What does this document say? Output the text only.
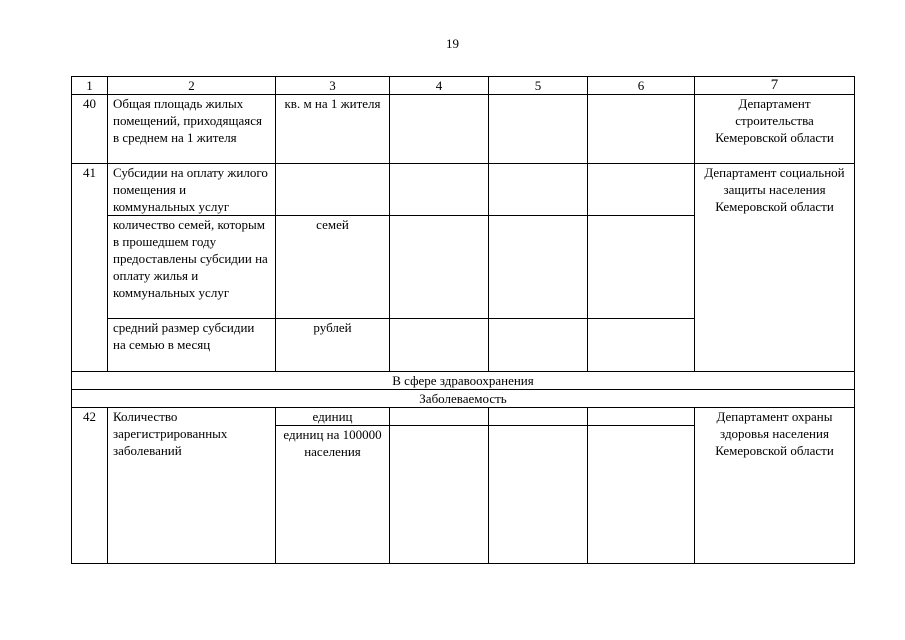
19
1	2	3	4	5	6	7
40	Общая площадь жилых помещений, приходящаяся в среднем на 1 жителя	кв. м на 1 жителя				Департамент строительства Кемеровской области
41	Субсидии на оплату жилого помещения и коммунальных услуг					Департамент социальной защиты населения Кемеровской области
	количество семей, которым в прошедшем году предоставлены субсидии на оплату жилья и коммунальных услуг	семей				
	средний размер субсидии на семью в месяц	рублей				
В сфере здравоохранения						
Заболеваемость						
42	Количество зарегистрированных заболеваний	единиц				Департамент охраны здоровья населения Кемеровской области
		единиц на 100000 населения				
